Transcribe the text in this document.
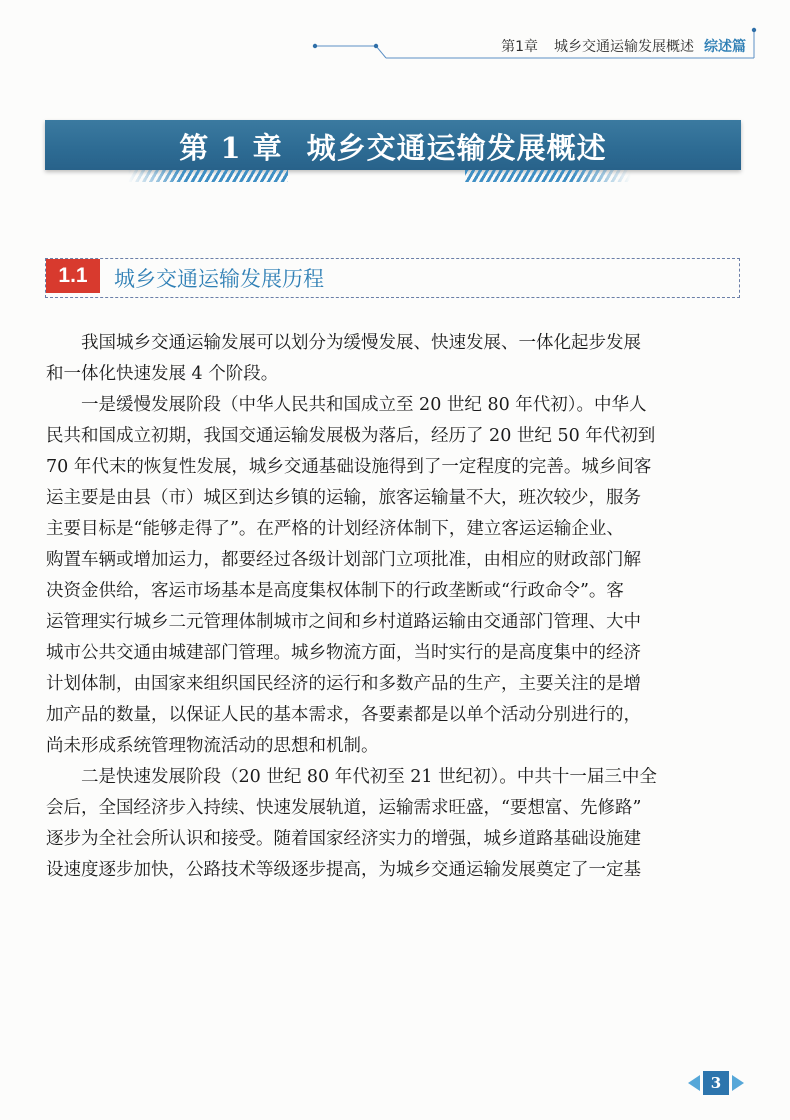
第1章 城乡交通运输发展概述 综述篇
第 1 章 城乡交通运输发展概述
1.1	城乡交通运输发展历程
　　我国城乡交通运输发展可以划分为缓慢发展、快速发展、一体化起步发展
和一体化快速发展 4 个阶段。
　　一是缓慢发展阶段（中华人民共和国成立至 20 世纪 80 年代初）。中华人
民共和国成立初期，我国交通运输发展极为落后，经历了 20 世纪 50 年代初到
70 年代末的恢复性发展，城乡交通基础设施得到了一定程度的完善。城乡间客
运主要是由县（市）城区到达乡镇的运输，旅客运输量不大，班次较少，服务
主要目标是“能够走得了”。在严格的计划经济体制下，建立客运运输企业、
购置车辆或增加运力，都要经过各级计划部门立项批准，由相应的财政部门解
决资金供给，客运市场基本是高度集权体制下的行政垄断或“行政命令”。客
运管理实行城乡二元管理体制城市之间和乡村道路运输由交通部门管理、大中
城市公共交通由城建部门管理。城乡物流方面，当时实行的是高度集中的经济
计划体制，由国家来组织国民经济的运行和多数产品的生产，主要关注的是增
加产品的数量，以保证人民的基本需求，各要素都是以单个活动分别进行的，
尚未形成系统管理物流活动的思想和机制。
　　二是快速发展阶段（20 世纪 80 年代初至 21 世纪初）。中共十一届三中全
会后，全国经济步入持续、快速发展轨道，运输需求旺盛，“要想富、先修路”
逐步为全社会所认识和接受。随着国家经济实力的增强，城乡道路基础设施建
设速度逐步加快，公路技术等级逐步提高，为城乡交通运输发展奠定了一定基
3
